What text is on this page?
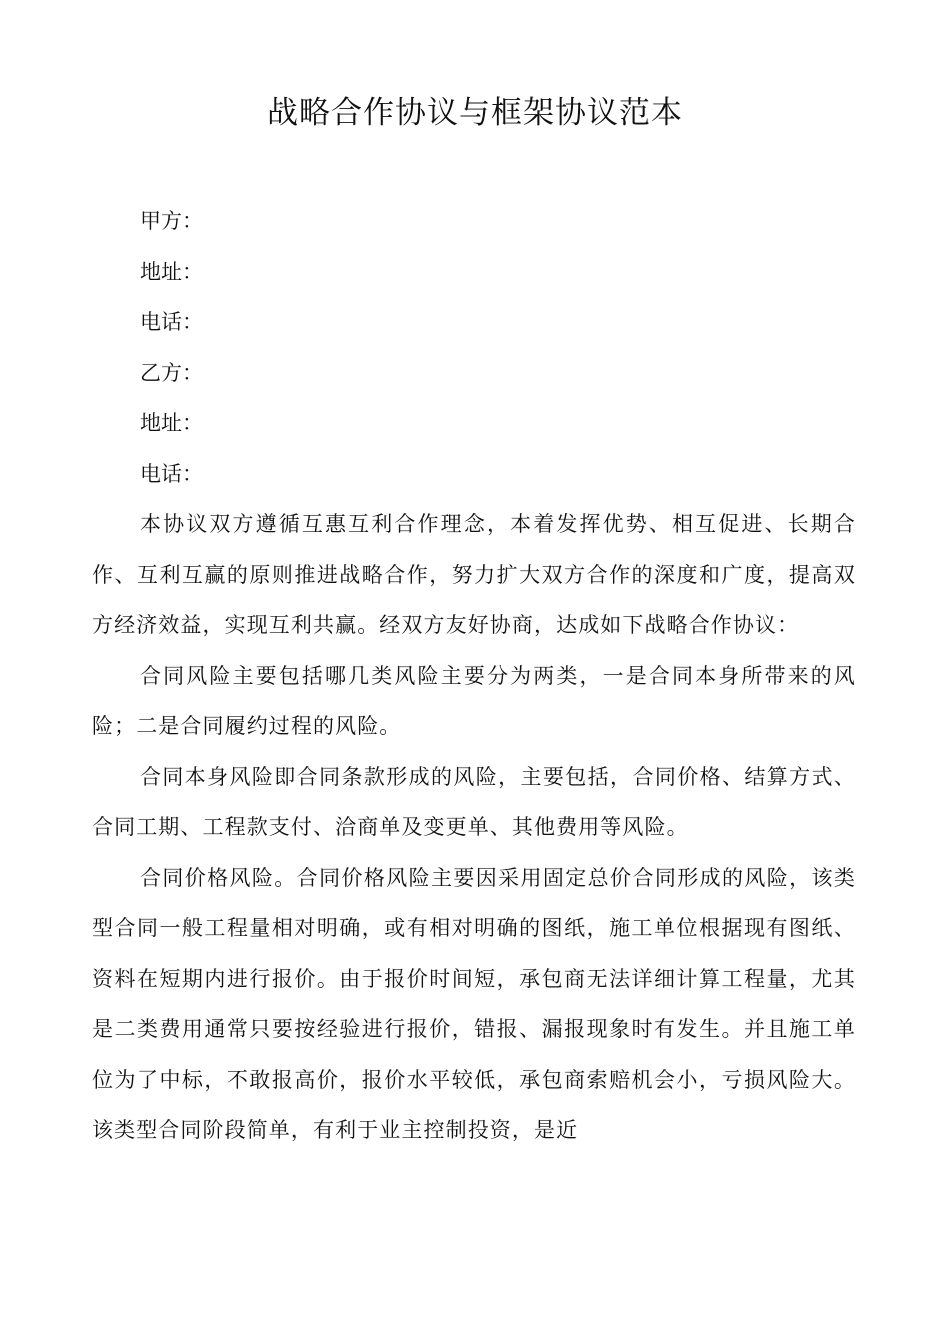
战略合作协议与框架协议范本

甲方：

地址：

电话：

乙方：

地址：

电话：

本协议双方遵循互惠互利合作理念，本着发挥优势、相互促进、长期合作、互利互赢的原则推进战略合作，努力扩大双方合作的深度和广度，提高双方经济效益，实现互利共赢。经双方友好协商，达成如下战略合作协议：

合同风险主要包括哪几类风险主要分为两类，一是合同本身所带来的风险；二是合同履约过程的风险。

合同本身风险即合同条款形成的风险，主要包括，合同价格、结算方式、合同工期、工程款支付、洽商单及变更单、其他费用等风险。

合同价格风险。合同价格风险主要因采用固定总价合同形成的风险，该类型合同一般工程量相对明确，或有相对明确的图纸，施工单位根据现有图纸、资料在短期内进行报价。由于报价时间短，承包商无法详细计算工程量，尤其是二类费用通常只要按经验进行报价，错报、漏报现象时有发生。并且施工单位为了中标，不敢报高价，报价水平较低，承包商索赔机会小，亏损风险大。该类型合同阶段简单，有利于业主控制投资，是近
